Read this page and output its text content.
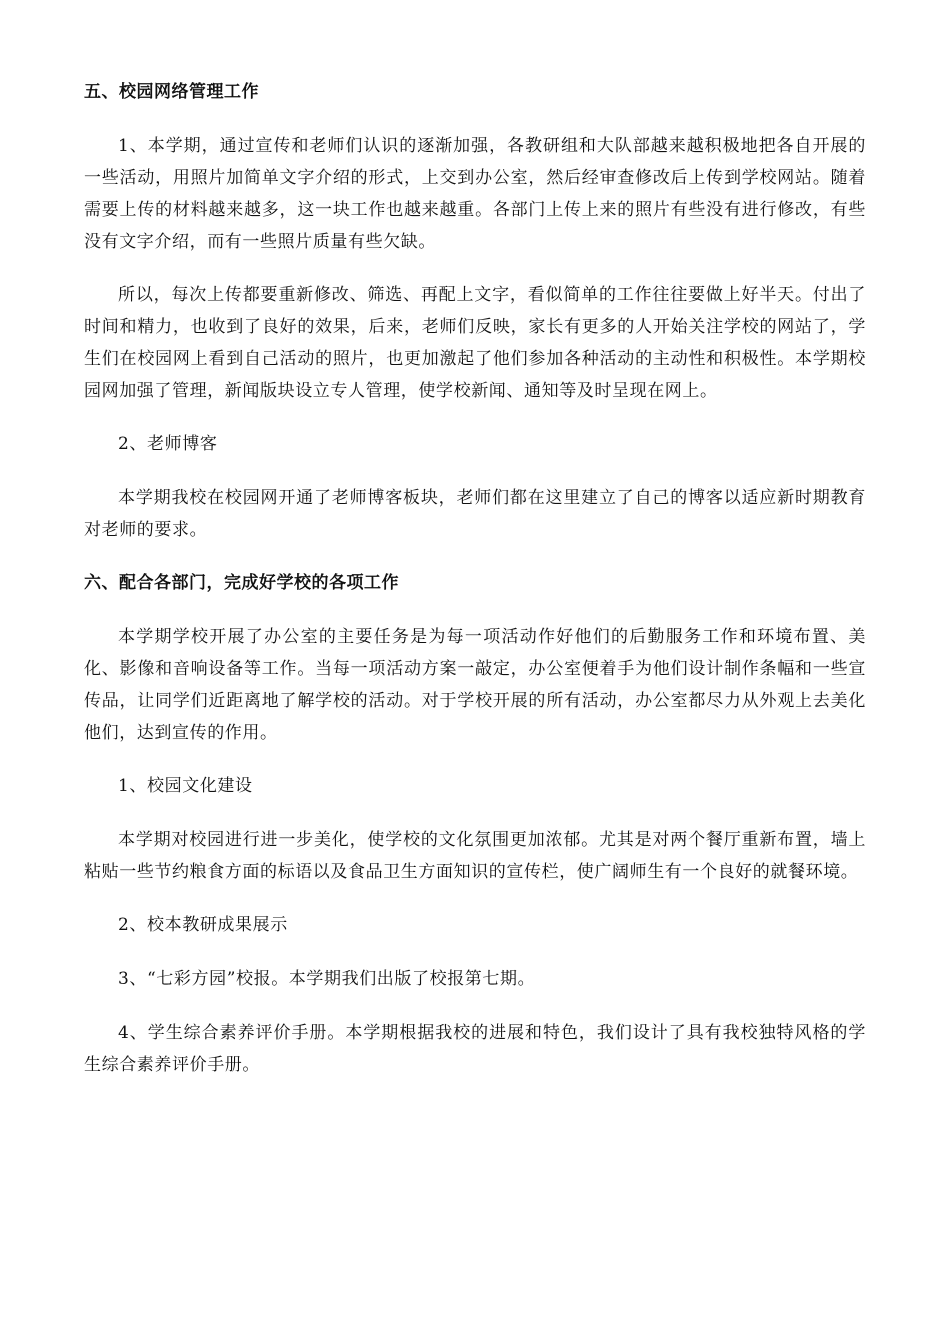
五、校园网络管理工作

1、本学期，通过宣传和老师们认识的逐渐加强，各教研组和大队部越来越积极地把各自开展的一些活动，用照片加简单文字介绍的形式，上交到办公室，然后经审查修改后上传到学校网站。随着需要上传的材料越来越多，这一块工作也越来越重。各部门上传上来的照片有些没有进行修改，有些没有文字介绍，而有一些照片质量有些欠缺。

所以，每次上传都要重新修改、筛选、再配上文字，看似简单的工作往往要做上好半天。付出了时间和精力，也收到了良好的效果，后来，老师们反映，家长有更多的人开始关注学校的网站了，学生们在校园网上看到自己活动的照片，也更加激起了他们参加各种活动的主动性和积极性。本学期校园网加强了管理，新闻版块设立专人管理，使学校新闻、通知等及时呈现在网上。

2、老师博客

本学期我校在校园网开通了老师博客板块，老师们都在这里建立了自己的博客以适应新时期教育对老师的要求。

六、配合各部门，完成好学校的各项工作

本学期学校开展了办公室的主要任务是为每一项活动作好他们的后勤服务工作和环境布置、美化、影像和音响设备等工作。当每一项活动方案一敲定，办公室便着手为他们设计制作条幅和一些宣传品，让同学们近距离地了解学校的活动。对于学校开展的所有活动，办公室都尽力从外观上去美化他们，达到宣传的作用。

1、校园文化建设

本学期对校园进行进一步美化，使学校的文化氛围更加浓郁。尤其是对两个餐厅重新布置，墙上粘贴一些节约粮食方面的标语以及食品卫生方面知识的宣传栏，使广阔师生有一个良好的就餐环境。

2、校本教研成果展示

3、“七彩方园”校报。本学期我们出版了校报第七期。

4、学生综合素养评价手册。本学期根据我校的进展和特色，我们设计了具有我校独特风格的学生综合素养评价手册。
